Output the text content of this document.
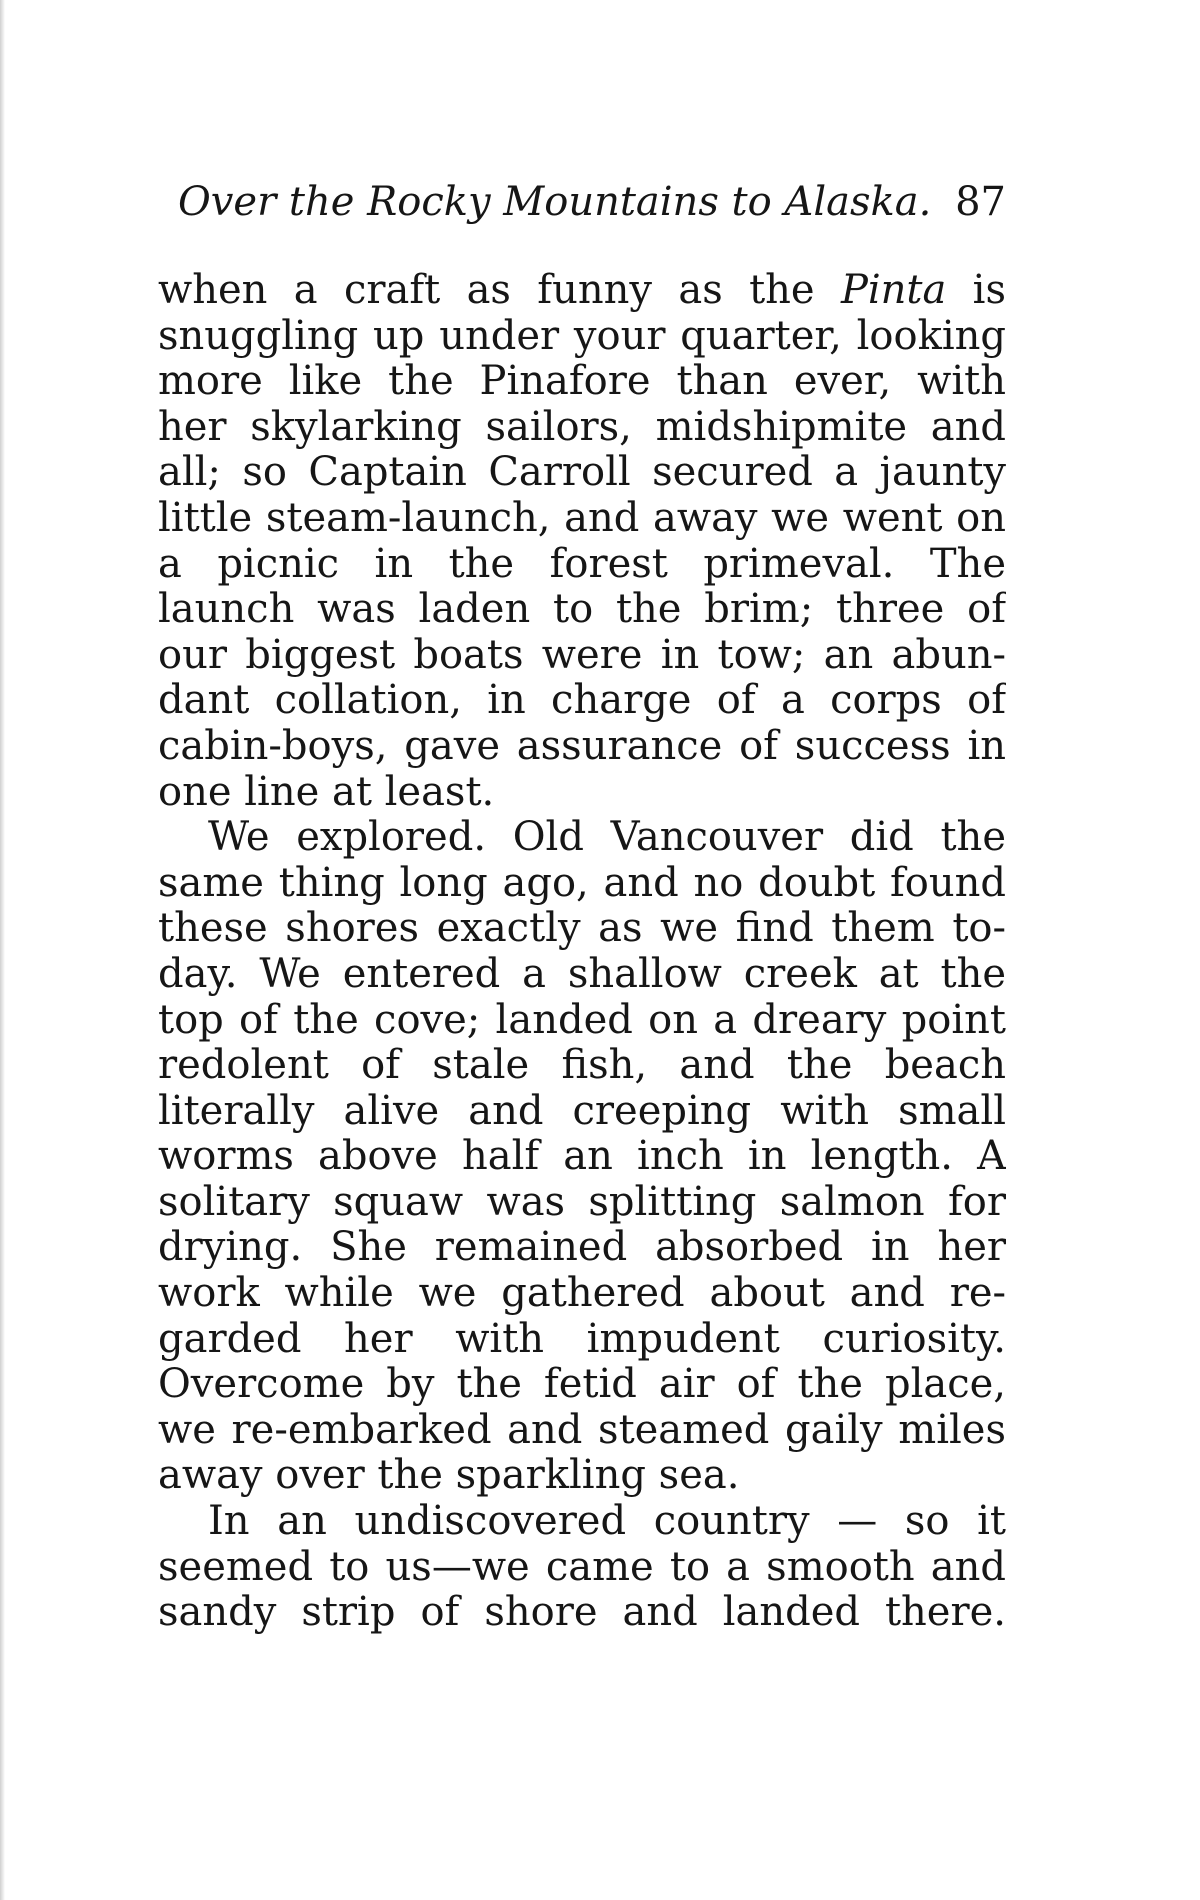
Over the Rocky Mountains to Alaska. 87
when a craft as funny as the Pinta is
snuggling up under your quarter, looking
more like the Pinafore than ever, with
her skylarking sailors, midshipmite and
all; so Captain Carroll secured a jaunty
little steam-launch, and away we went on
a picnic in the forest primeval. The
launch was laden to the brim; three of
our biggest boats were in tow; an abun-
dant collation, in charge of a corps of
cabin-boys, gave assurance of success in
one line at least.
We explored. Old Vancouver did the
same thing long ago, and no doubt found
these shores exactly as we find them to-
day. We entered a shallow creek at the
top of the cove; landed on a dreary point
redolent of stale fish, and the beach
literally alive and creeping with small
worms above half an inch in length. A
solitary squaw was splitting salmon for
drying. She remained absorbed in her
work while we gathered about and re-
garded her with impudent curiosity.
Overcome by the fetid air of the place,
we re-embarked and steamed gaily miles
away over the sparkling sea.
In an undiscovered country — so it
seemed to us—we came to a smooth and
sandy strip of shore and landed there.
